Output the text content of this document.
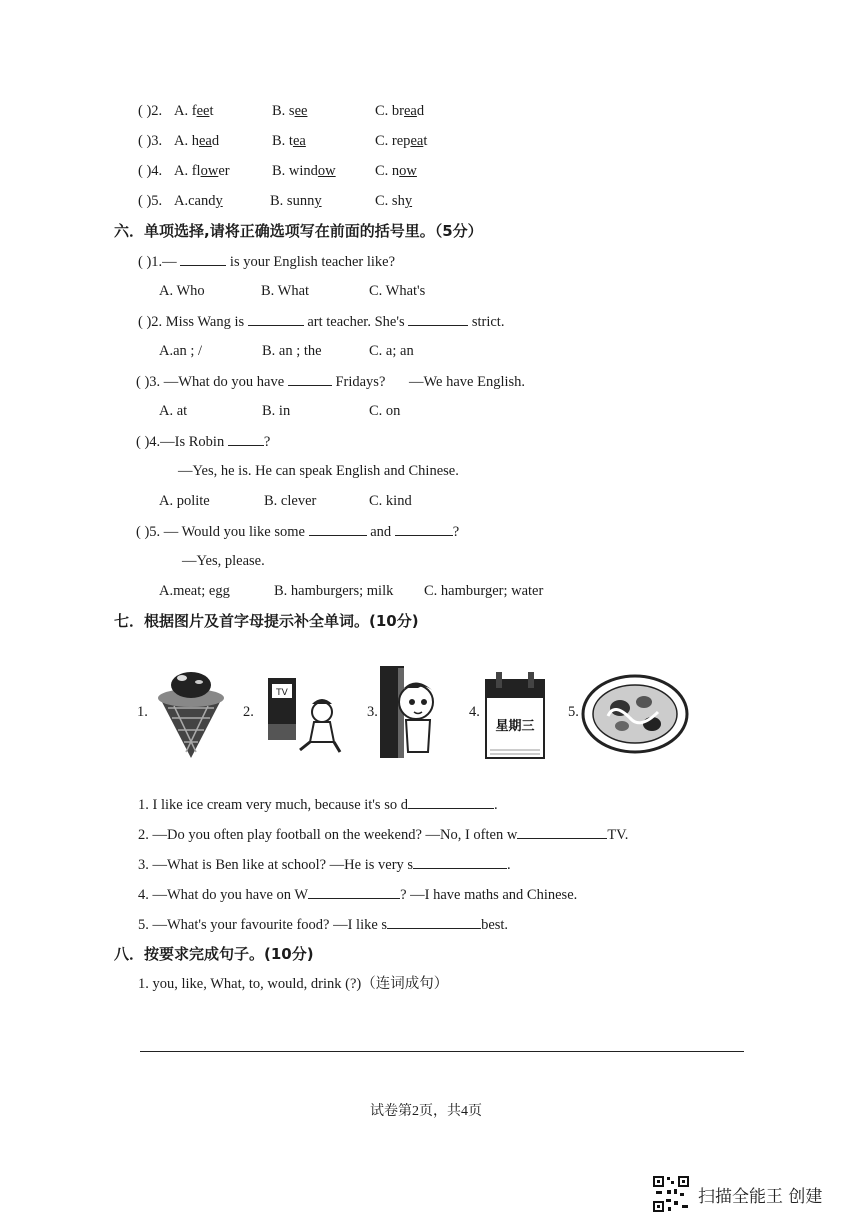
( )2. A. feet	B. see	C. bread
( )3. A. head	B. tea	C. repeat
( )4. A. flower	B. window	C. now
( )5. A.candy	B. sunny	C. shy
六．单项选择,请将正确选项写在前面的括号里。（5分）
( )1.—	is your English teacher like?
A. Who	B. What	C. What's
( )2. Miss Wang is	art teacher. She's	strict.
A.an ; /	B. an ; the	C. a; an
( )3. —What do you have	Fridays? —We have English.
A. at	B. in	C. on
( )4.—Is Robin	?
—Yes, he is. He can speak English and Chinese.
A. polite	B. clever	C. kind
( )5. — Would you like some	and	?
—Yes, please.
A.meat; egg	B. hamburgers; milk C. hamburger; water
七．根据图片及首字母提示补全单词。(10分)
1.	2.
TV
3.	4.
星期三
5.
1. I like ice cream very much, because it's so d	.
2. —Do you often play football on the weekend? —No, I often w	TV.
3. —What is Ben like at school? —He is very s	.
4. —What do you have on W	? —I have maths and Chinese.
5. —What's your favourite food? —I like s	best.
八．按要求完成句子。(10分)
1. you, like, What, to, would, drink (?)（连词成句）
试卷第2页，共4页
扫描全能王 创建
